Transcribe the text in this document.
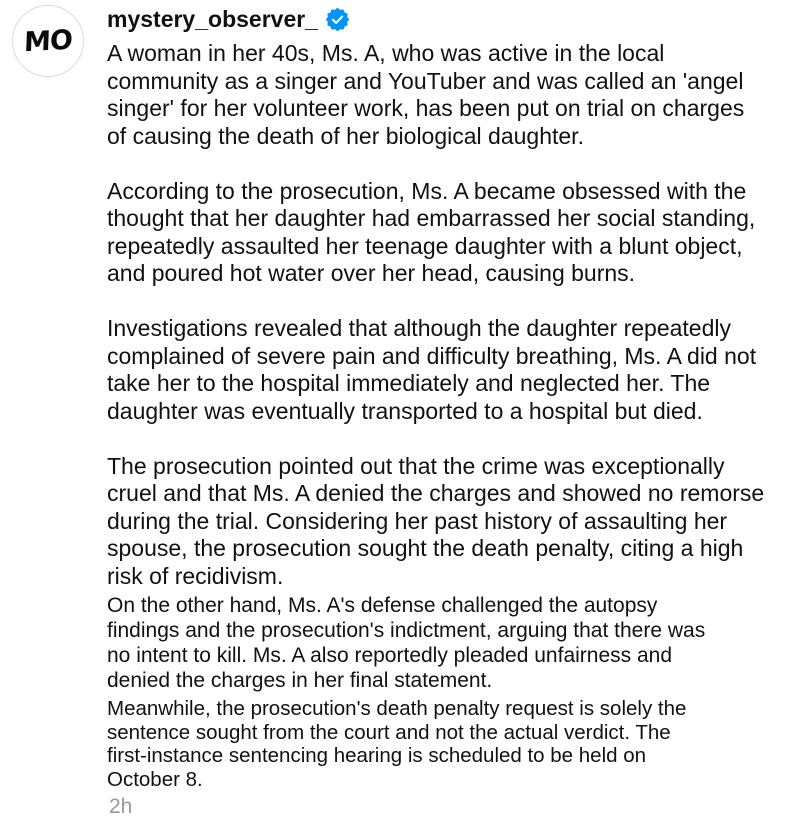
MO
mystery_observer_
A woman in her 40s, Ms. A, who was active in the local
community as a singer and YouTuber and was called an 'angel
singer' for her volunteer work, has been put on trial on charges
of causing the death of her biological daughter.
According to the prosecution, Ms. A became obsessed with the
thought that her daughter had embarrassed her social standing,
repeatedly assaulted her teenage daughter with a blunt object,
and poured hot water over her head, causing burns.
Investigations revealed that although the daughter repeatedly
complained of severe pain and difficulty breathing, Ms. A did not
take her to the hospital immediately and neglected her. The
daughter was eventually transported to a hospital but died.
The prosecution pointed out that the crime was exceptionally
cruel and that Ms. A denied the charges and showed no remorse
during the trial. Considering her past history of assaulting her
spouse, the prosecution sought the death penalty, citing a high
risk of recidivism.
On the other hand, Ms. A's defense challenged the autopsy
findings and the prosecution's indictment, arguing that there was
no intent to kill. Ms. A also reportedly pleaded unfairness and
denied the charges in her final statement.
Meanwhile, the prosecution's death penalty request is solely the
sentence sought from the court and not the actual verdict. The
first-instance sentencing hearing is scheduled to be held on
October 8.
2h
